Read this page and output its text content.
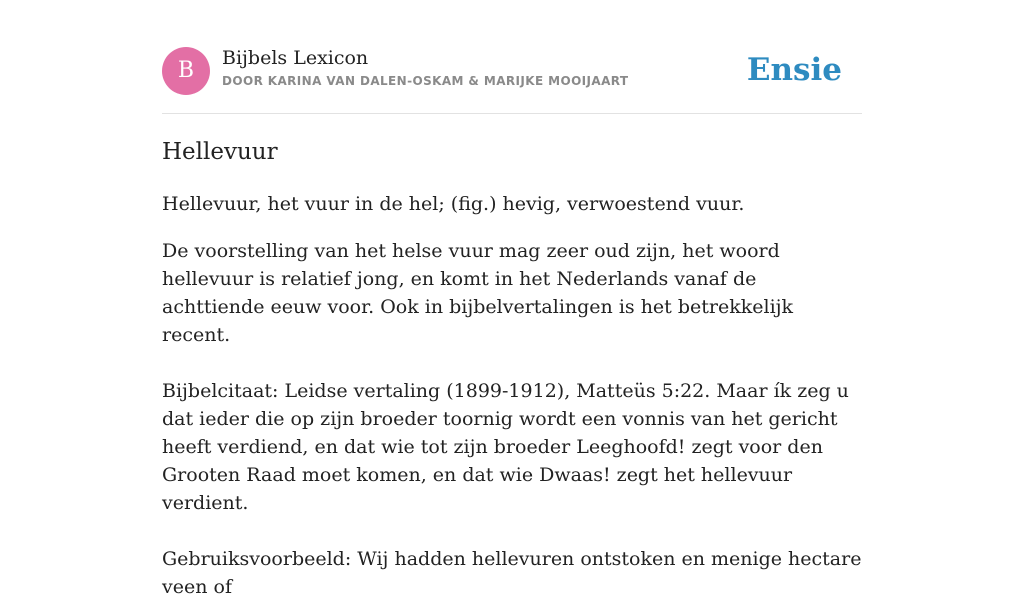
B	Bijbels Lexicon
DOOR KARINA VAN DALEN-OSKAM & MARIJKE MOOIJAART	Ensie
Hellevuur

Hellevuur, het vuur in de hel; (fig.) hevig, verwoestend vuur.

De voorstelling van het helse vuur mag zeer oud zijn, het woord hellevuur is relatief jong, en komt in het Nederlands vanaf de achttiende eeuw voor. Ook in bijbelvertalingen is het betrekkelijk recent.

Bijbelcitaat: Leidse vertaling (1899-1912), Matteüs 5:22. Maar ík zeg u dat ieder die op zijn broeder toornig wordt een vonnis van het gericht heeft verdiend, en dat wie tot zijn broeder Leeghoofd! zegt voor den Grooten Raad moet komen, en dat wie Dwaas! zegt het hellevuur verdient.

Gebruiksvoorbeeld: Wij hadden hellevuren ontstoken en menige hectare veen of
